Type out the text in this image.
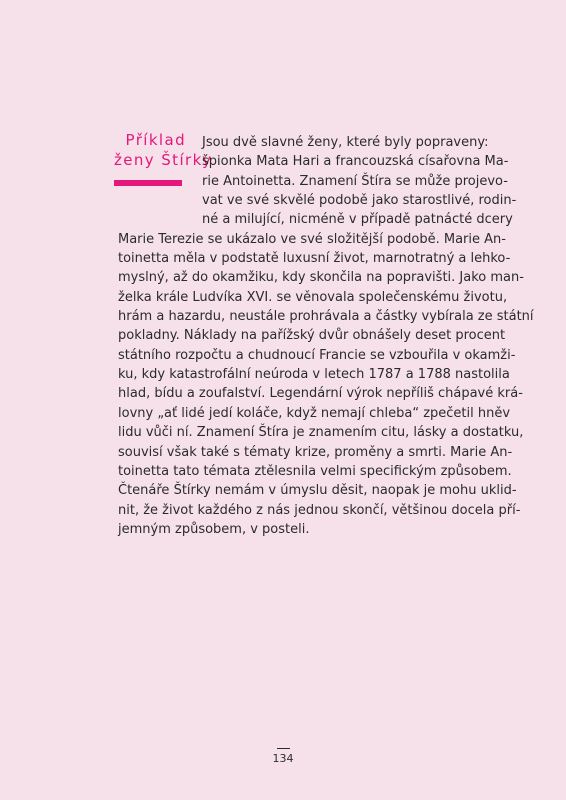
Příklad
ženy Štírky
Jsou dvě slavné ženy, které byly popraveny:
špionka Mata Hari a francouzská císařovna Ma-
rie Antoinetta. Znamení Štíra se může projevo-
vat ve své skvělé podobě jako starostlivé, rodin-
né a milující, nicméně v případě patnácté dcery
Marie Terezie se ukázalo ve své složitější podobě. Marie An-
toinetta měla v podstatě luxusní život, marnotratný a lehko-
myslný, až do okamžiku, kdy skončila na popravišti. Jako man-
želka krále Ludvíka XVI. se věnovala společenskému životu,
hrám a hazardu, neustále prohrávala a částky vybírala ze státní
pokladny. Náklady na pařížský dvůr obnášely deset procent
státního rozpočtu a chudnoucí Francie se vzbouřila v okamži-
ku, kdy katastrofální neúroda v letech 1787 a 1788 nastolila
hlad, bídu a zoufalství. Legendární výrok nepříliš chápavé krá-
lovny „ať lidé jedí koláče, když nemají chleba“ zpečetil hněv
lidu vůči ní. Znamení Štíra je znamením citu, lásky a dostatku,
souvisí však také s tématy krize, proměny a smrti. Marie An-
toinetta tato témata ztělesnila velmi specifickým způsobem.
Čtenáře Štírky nemám v úmyslu děsit, naopak je mohu uklid-
nit, že život každého z nás jednou skončí, většinou docela pří-
jemným způsobem, v posteli.
134
